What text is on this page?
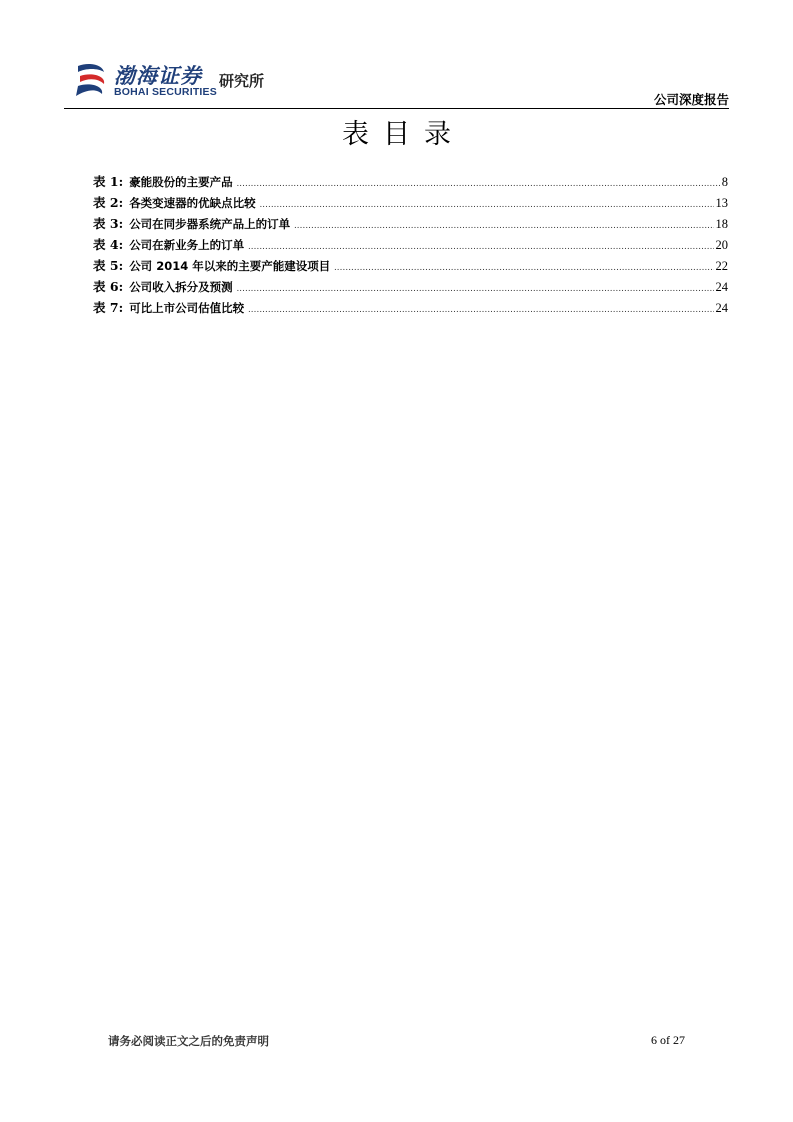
渤海证券
BOHAI SECURITIES
研究所
公司深度报告
表目录
表 1 : 豪能股份的主要产品 .....	8
表 2 : 各类变速器的优缺点比较 .....	13
表 3 : 公司在同步器系统产品上的订单 .....	18
表 4 : 公司在新业务上的订单 .....	20
表 5 : 公司 2014 年以来的主要产能建设项目 .....	22
表 6 : 公司收入拆分及预测 .....	24
表 7 : 可比上市公司估值比较 .....	24
请务必阅读正文之后的免责声明	6 of 27
